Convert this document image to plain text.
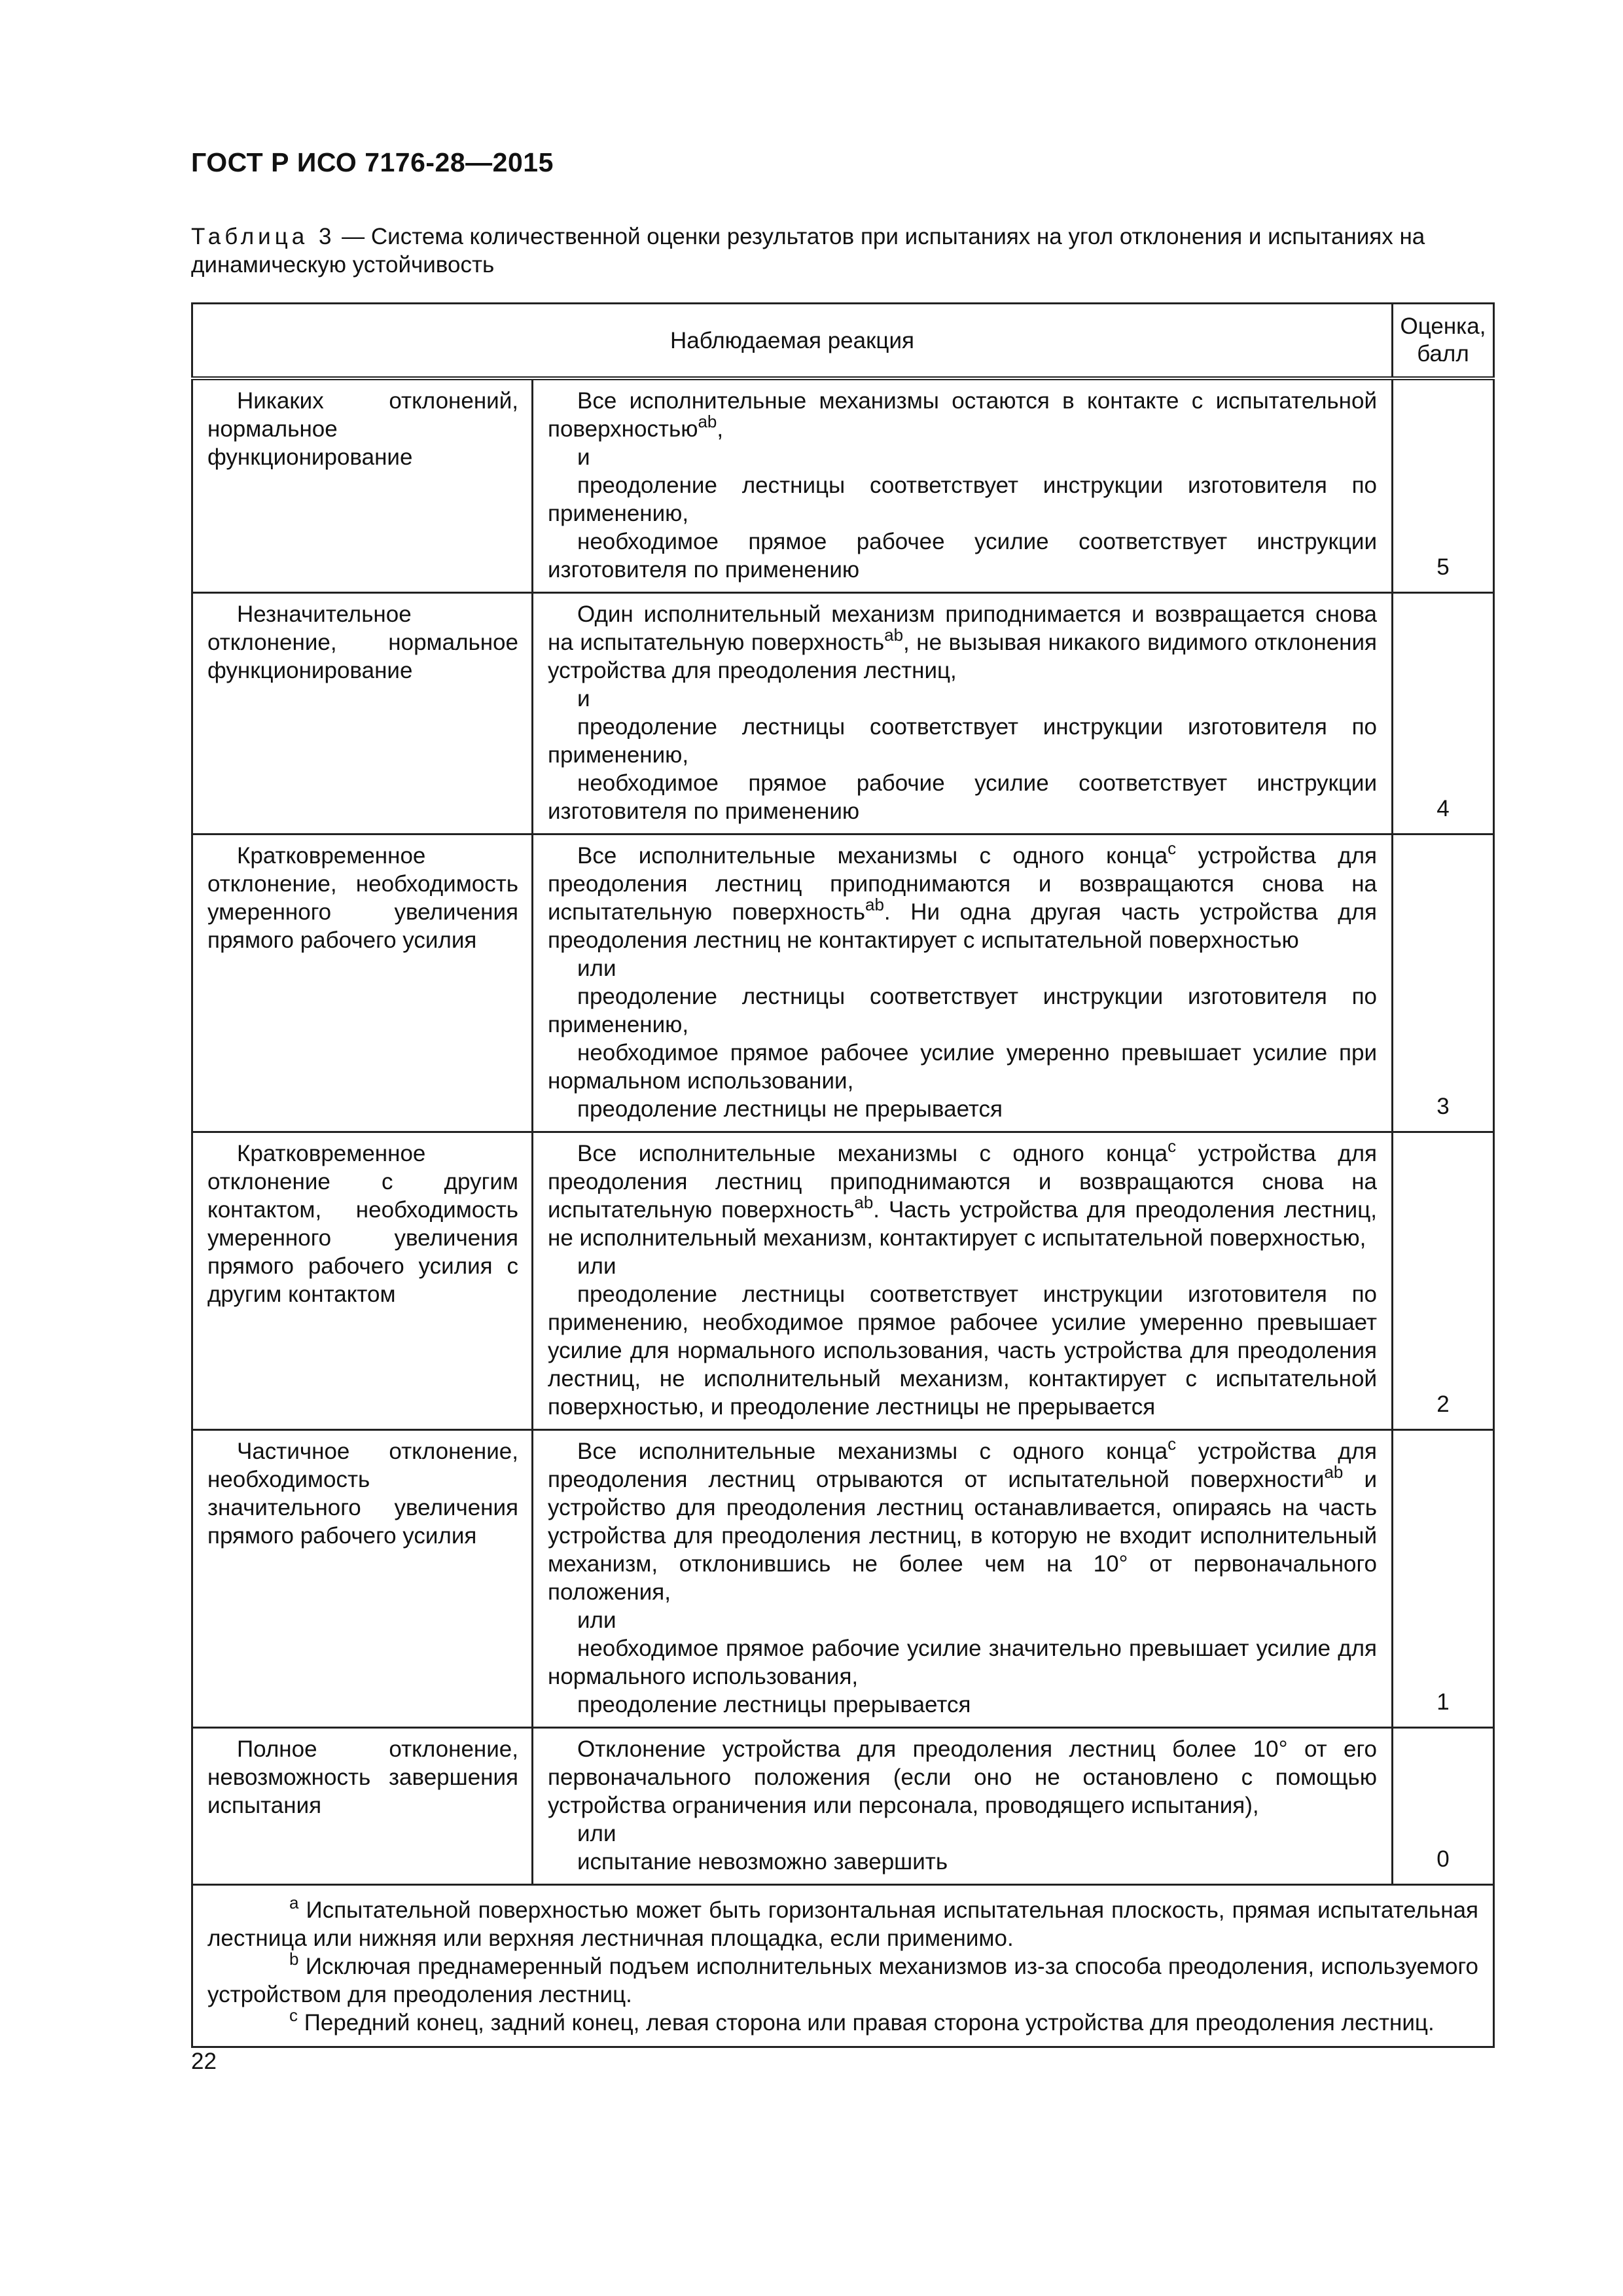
ГОСТ Р ИСО 7176-28—2015
Таблица 3 — Система количественной оценки результатов при испытаниях на угол отклонения и испытаниях на динамическую устойчивость
Наблюдаемая реакция		Оценка, балл

Никаких отклонений, нормальное функционирование	Все исполнительные механизмы остаются в контакте с испытательной поверхностью$^{ab}$,
и
преодоление лестницы соответствует инструкции изготовителя по применению,
необходимое прямое рабочее усилие соответствует инструкции изготовителя по применению	5

Незначительное отклонение, нормальное функционирование	Один исполнительный механизм приподнимается и возвращается снова на испытательную поверхность$^{ab}$, не вызывая никакого видимого отклонения устройства для преодоления лестниц,
и
преодоление лестницы соответствует инструкции изготовителя по применению,
необходимое прямое рабочие усилие соответствует инструкции изготовителя по применению	4

Кратковременное отклонение, необходимость умеренного увеличения прямого рабочего усилия	Все исполнительные механизмы с одного конца$^c$ устройства для преодоления лестниц приподнимаются и возвращаются снова на испытательную поверхность$^{ab}$. Ни одна другая часть устройства для преодоления лестниц не контактирует с испытательной поверхностью
или
преодоление лестницы соответствует инструкции изготовителя по применению,
необходимое прямое рабочее усилие умеренно превышает усилие при нормальном использовании,
преодоление лестницы не прерывается	3

Кратковременное отклонение с другим контактом, необходимость умеренного увеличения прямого рабочего усилия с другим контактом	Все исполнительные механизмы с одного конца$^c$ устройства для преодоления лестниц приподнимаются и возвращаются снова на испытательную поверхность$^{ab}$. Часть устройства для преодоления лестниц, не исполнительный механизм, контактирует с испытательной поверхностью,
или
преодоление лестницы соответствует инструкции изготовителя по применению, необходимое прямое рабочее усилие умеренно превышает усилие для нормального использования, часть устройства для преодоления лестниц, не исполнительный механизм, контактирует с испытательной поверхностью, и преодоление лестницы не прерывается	2

Частичное отклонение, необходимость значительного увеличения прямого рабочего усилия	Все исполнительные механизмы с одного конца$^c$ устройства для преодоления лестниц отрываются от испытательной поверхности$^{ab}$ и устройство для преодоления лестниц останавливается, опираясь на часть устройства для преодоления лестниц, в которую не входит исполнительный механизм, отклонившись не более чем на 10° от первоначального положения,
или
необходимое прямое рабочие усилие значительно превышает усилие для нормального использования,
преодоление лестницы прерывается	1

Полное отклонение, невозможность завершения испытания	Отклонение устройства для преодоления лестниц более 10° от его первоначального положения (если оно не остановлено с помощью устройства ограничения или персонала, проводящего испытания),
или
испытание невозможно завершить	0

$^a$ Испытательной поверхностью может быть горизонтальная испытательная плоскость, прямая испытательная лестница или нижняя или верхняя лестничная площадка, если применимо.
$^b$ Исключая преднамеренный подъем исполнительных механизмов из-за способа преодоления, используемого устройством для преодоления лестниц.
$^c$ Передний конец, задний конец, левая сторона или правая сторона устройства для преодоления лестниц.		
22
